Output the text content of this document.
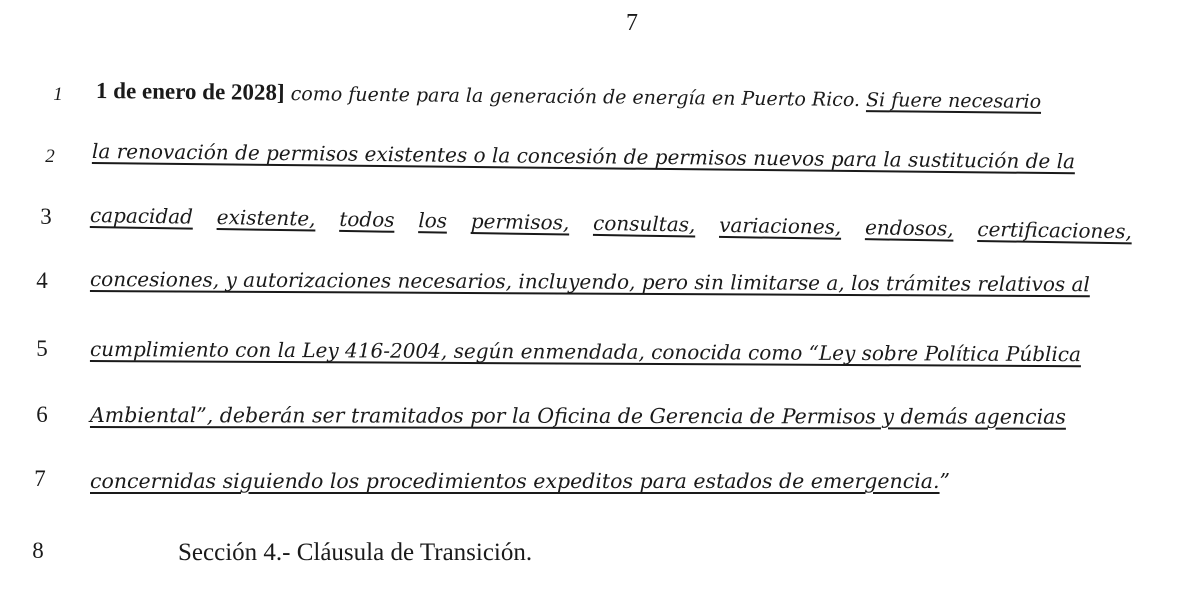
7
1	1 de enero de 2028] como fuente para la generación de energía en Puerto Rico. Si fuere necesario
2	la renovación de permisos existentes o la concesión de permisos nuevos para la sustitución de la
3	capacidad existente, todos los permisos, consultas, variaciones, endosos, certificaciones,
4	concesiones, y autorizaciones necesarios, incluyendo, pero sin limitarse a, los trámites relativos al
5	cumplimiento con la Ley 416-2004, según enmendada, conocida como “Ley sobre Política Pública
6	Ambiental”, deberán ser tramitados por la Oficina de Gerencia de Permisos y demás agencias
7	concernidas siguiendo los procedimientos expeditos para estados de emergencia.”
8	Sección 4.- Cláusula de Transición.
